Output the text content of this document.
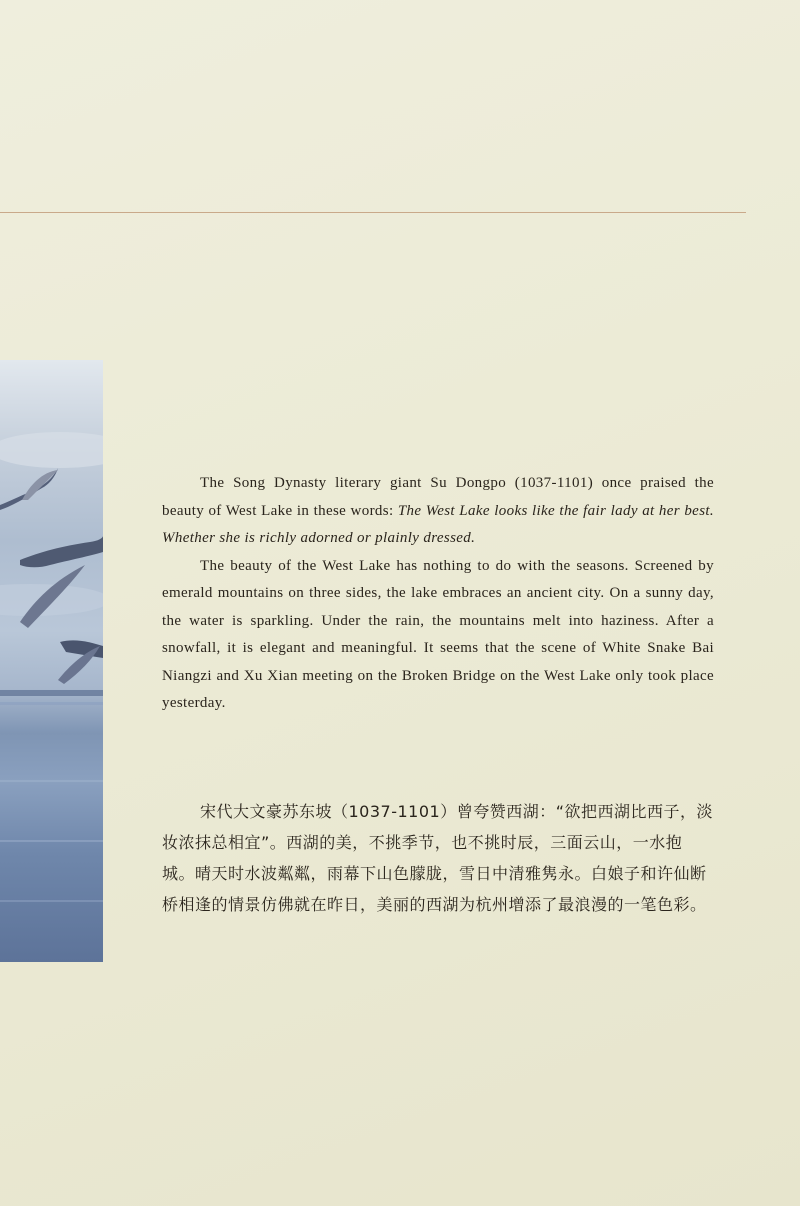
The Song Dynasty literary giant Su Dongpo (1037-1101) once praised the beauty of West Lake in these words: The West Lake looks like the fair lady at her best. Whether she is richly adorned or plainly dressed.

The beauty of the West Lake has nothing to do with the seasons. Screened by emerald mountains on three sides, the lake embraces an ancient city. On a sunny day, the water is sparkling. Under the rain, the mountains melt into haziness. After a snowfall, it is elegant and meaningful. It seems that the scene of White Snake Bai Niangzi and Xu Xian meeting on the Broken Bridge on the West Lake only took place yesterday.

宋代大文豪苏东坡（1037-1101）曾夸赞西湖：“欲把西湖比西子，淡妆浓抹总相宜”。西湖的美，不挑季节，也不挑时辰，三面云山，一水抱城。晴天时水波粼粼，雨幕下山色朦胧，雪日中清雅隽永。白娘子和许仙断桥相逢的情景仿佛就在昨日，美丽的西湖为杭州增添了最浪漫的一笔色彩。
